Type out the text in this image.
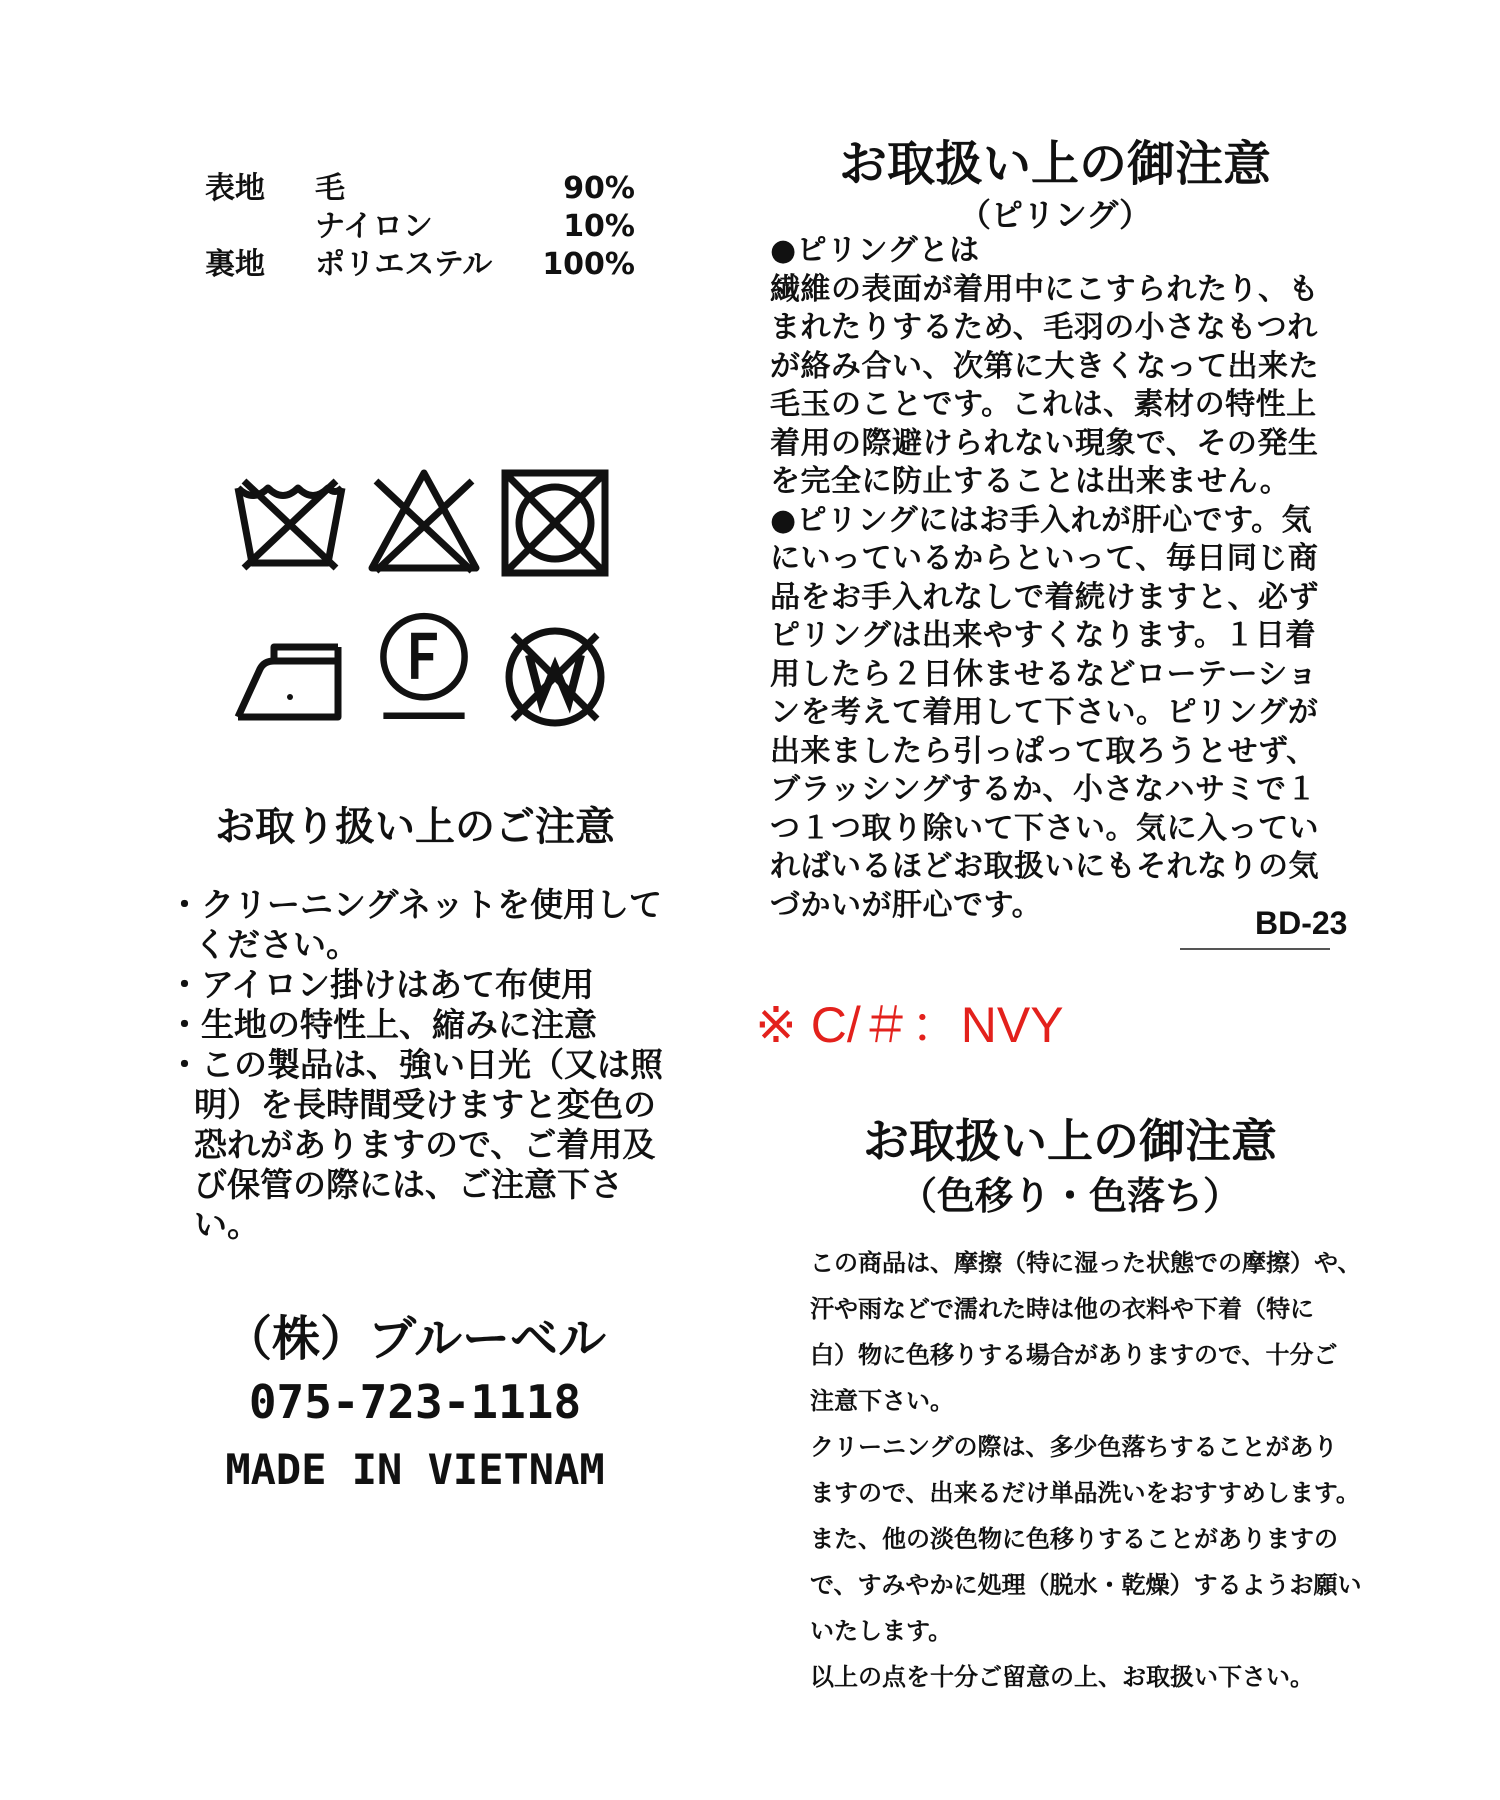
表地 毛	90%
ナイロン	10%
裏地 ポリエステル 100%
お取り扱い上のご注意

・クリーニングネットを使用してください。

・アイロン掛けはあて布使用

・生地の特性上、縮みに注意

・この製品は、強い日光（又は照明）を長時間受けますと変色の恐れがありますので、ご着用及び保管の際には、ご注意下さい。

（株）ブルーベル
075-723-1118
MADE IN VIETNAM
お取扱い上の御注意
（ピリング）

●ピリングとは

繊維の表面が着用中にこすられたり、も

まれたりするため、毛羽の小さなもつれ

が絡み合い、次第に大きくなって出来た

毛玉のことです。これは、素材の特性上

着用の際避けられない現象で、その発生

を完全に防止することは出来ません。

●ピリングにはお手入れが肝心です。気

にいっているからといって、毎日同じ商

品をお手入れなしで着続けますと、必ず

ピリングは出来やすくなります。１日着

用したら２日休ませるなどローテーショ

ンを考えて着用して下さい。ピリングが

出来ましたら引っぱって取ろうとせず、

ブラッシングするか、小さなハサミで１

つ１つ取り除いて下さい。気に入ってい

ればいるほどお取扱いにもそれなりの気

づかいが肝心です。	BD-23
※ C/＃：NVY
お取扱い上の御注意
（色移り・色落ち）

この商品は、摩擦（特に湿った状態での摩擦）や、

汗や雨などで濡れた時は他の衣料や下着（特に

白）物に色移りする場合がありますので、十分ご

注意下さい。

クリーニングの際は、多少色落ちすることがあり

ますので、出来るだけ単品洗いをおすすめします。

また、他の淡色物に色移りすることがありますの

で、すみやかに処理（脱水・乾燥）するようお願い

いたします。

以上の点を十分ご留意の上、お取扱い下さい。
